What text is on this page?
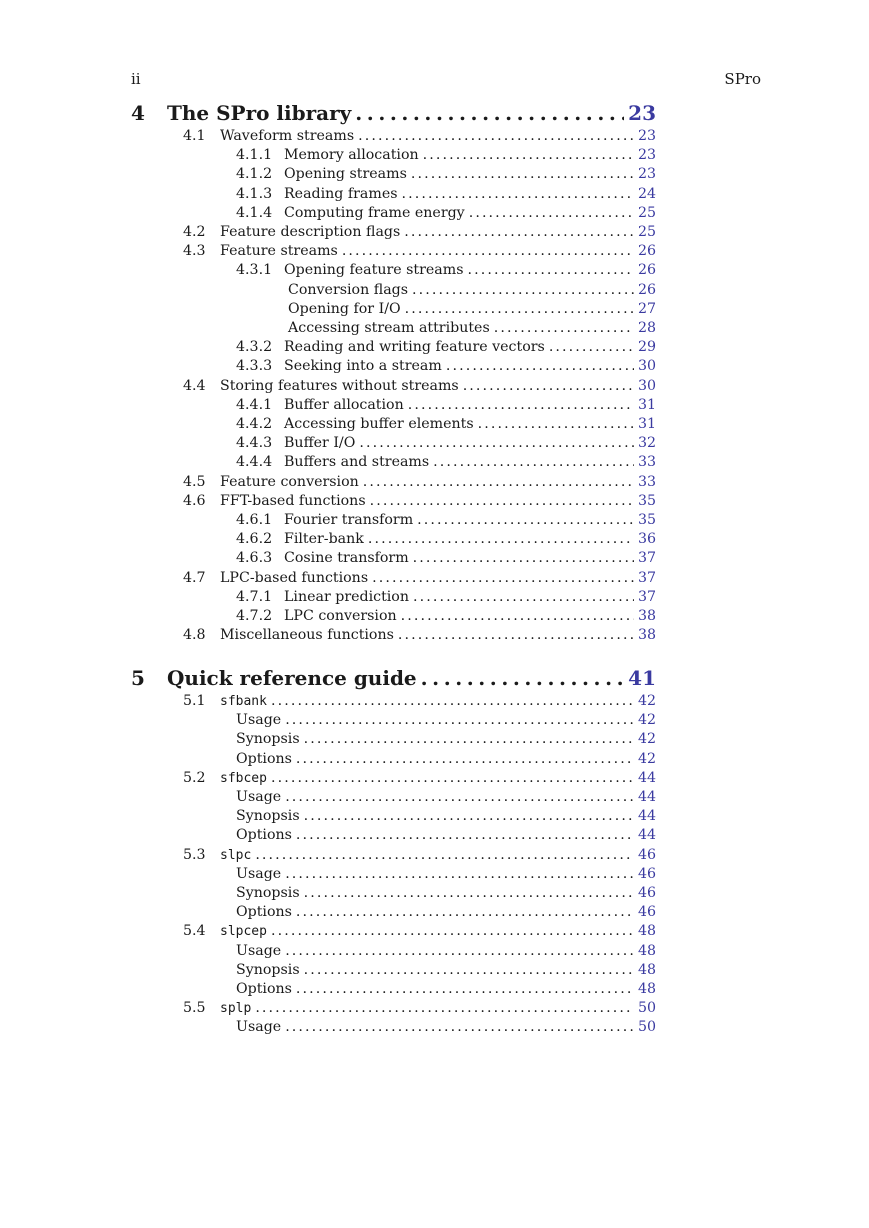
ii	SPro
4 The SPro library . . .	23
4.1 Waveform streams . . .	23
4.1.1 Memory allocation . . .	23
4.1.2 Opening streams . . .	23
4.1.3 Reading frames . . .	24
4.1.4 Computing frame energy . . .	25
4.2 Feature description flags . . .	25
4.3 Feature streams . . .	26
4.3.1 Opening feature streams . . .	26
Conversion flags . . .	26
Opening for I/O . . .	27
Accessing stream attributes . . .	28
4.3.2 Reading and writing feature vectors . . .	29
4.3.3 Seeking into a stream . . .	30
4.4 Storing features without streams . . .	30
4.4.1 Buffer allocation . . .	31
4.4.2 Accessing buffer elements . . .	31
4.4.3 Buffer I/O . . .	32
4.4.4 Buffers and streams . . .	33
4.5 Feature conversion . . .	33
4.6 FFT-based functions . . .	35
4.6.1 Fourier transform . . .	35
4.6.2 Filter-bank . . .	36
4.6.3 Cosine transform . . .	37
4.7 LPC-based functions . . .	37
4.7.1 Linear prediction . . .	37
4.7.2 LPC conversion . . .	38
4.8 Miscellaneous functions . . .	38
5 Quick reference guide . . .	41
5.1 sfbank . . .	42
Usage . . .	42
Synopsis . . .	42
Options . . .	42
5.2 sfbcep . . .	44
Usage . . .	44
Synopsis . . .	44
Options . . .	44
5.3 slpc . . .	46
Usage . . .	46
Synopsis . . .	46
Options . . .	46
5.4 slpcep . . .	48
Usage . . .	48
Synopsis . . .	48
Options . . .	48
5.5 splp . . .	50
Usage . . .	50
